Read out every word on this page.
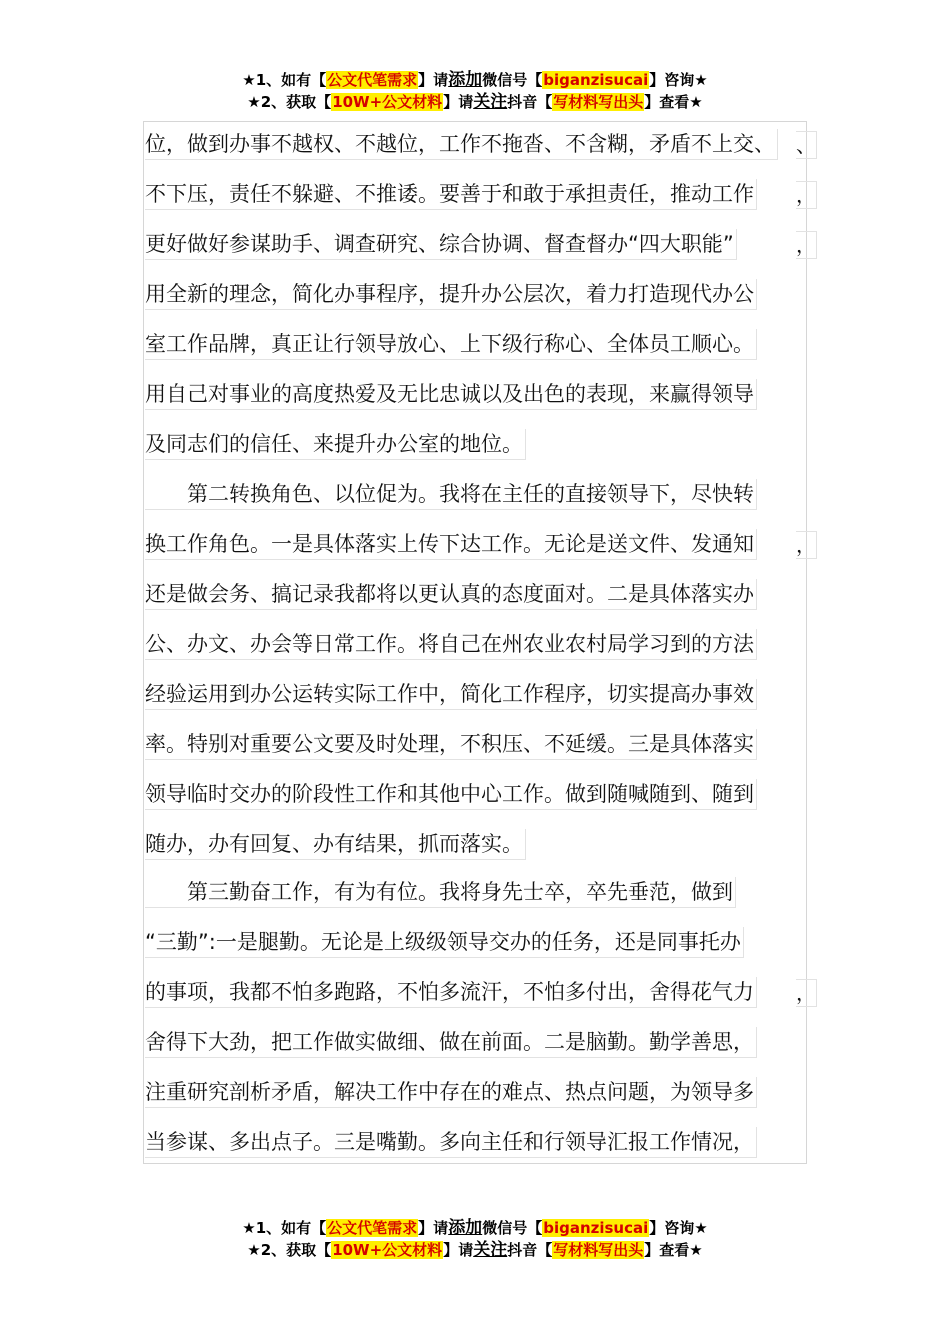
★1、如有【公文代笔需求】请添加微信号【biganzisucai】咨询★
★2、获取【10W+公文材料】请关注抖音【写材料写出头】查看★
位，做到办事不越权、不越位，工作不拖沓、不含糊，矛盾不上交、
不下压，责任不躲避、不推诿。要善于和敢于承担责任，推动工作
更好做好参谋助手、调查研究、综合协调、督查督办“四大职能”
用全新的理念，简化办事程序，提升办公层次，着力打造现代办公
室工作品牌，真正让行领导放心、上下级行称心、全体员工顺心。
用自己对事业的高度热爱及无比忠诚以及出色的表现，来赢得领导
及同志们的信任、来提升办公室的地位。
　　第二转换角色、以位促为。我将在主任的直接领导下，尽快转
换工作角色。一是具体落实上传下达工作。无论是送文件、发通知
还是做会务、搞记录我都将以更认真的态度面对。二是具体落实办
公、办文、办会等日常工作。将自己在州农业农村局学习到的方法
经验运用到办公运转实际工作中，简化工作程序，切实提高办事效
率。特别对重要公文要及时处理，不积压、不延缓。三是具体落实
领导临时交办的阶段性工作和其他中心工作。做到随喊随到、随到
随办，办有回复、办有结果，抓而落实。
　　第三勤奋工作，有为有位。我将身先士卒，卒先垂范，做到
“三勤”:一是腿勤。无论是上级级领导交办的任务，还是同事托办
的事项，我都不怕多跑路，不怕多流汗，不怕多付出，舍得花气力
舍得下大劲，把工作做实做细、做在前面。二是脑勤。勤学善思，
注重研究剖析矛盾，解决工作中存在的难点、热点问题，为领导多
当参谋、多出点子。三是嘴勤。多向主任和行领导汇报工作情况，
、
，
，
，
，
★1、如有【公文代笔需求】请添加微信号【biganzisucai】咨询★
★2、获取【10W+公文材料】请关注抖音【写材料写出头】查看★
